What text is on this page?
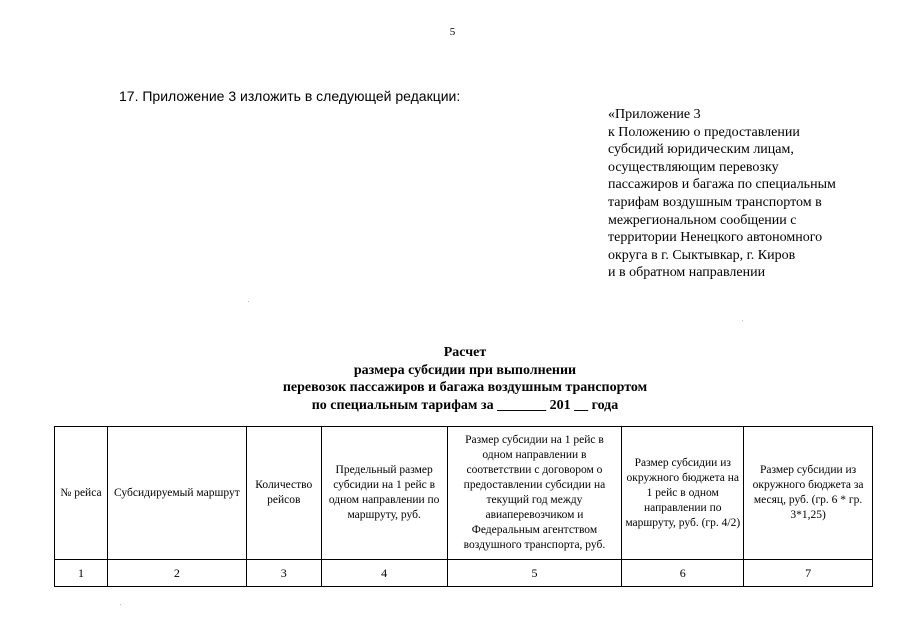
5
17. Приложение 3 изложить в следующей редакции:
«Приложение 3
к Положению о предоставлении
субсидий юридическим лицам,
осуществляющим перевозку
пассажиров и багажа по специальным
тарифам воздушным транспортом в
межрегиональном сообщении с
территории Ненецкого автономного
округа в г. Сыктывкар, г. Киров
и в обратном направлении
Расчет
размера субсидии при выполнении
перевозок пассажиров и багажа воздушным транспортом
по специальным тарифам за _______ 201 __ года
№ рейса	Субсидируемый маршрут	Количество рейсов	Предельный размер субсидии на 1 рейс в одном направлении по маршруту, руб.	Размер субсидии на 1 рейс в одном направлении в соответствии с договором о предоставлении субсидии на текущий год между авиаперевозчиком и Федеральным агентством воздушного транспорта, руб.	Размер субсидии из окружного бюджета на 1 рейс в одном направлении по маршруту, руб. (гр. 4/2)	Размер субсидии из окружного бюджета за месяц, руб. (гр. 6 * гр. 3*1,25)
1	2	3	4	5	6	7
